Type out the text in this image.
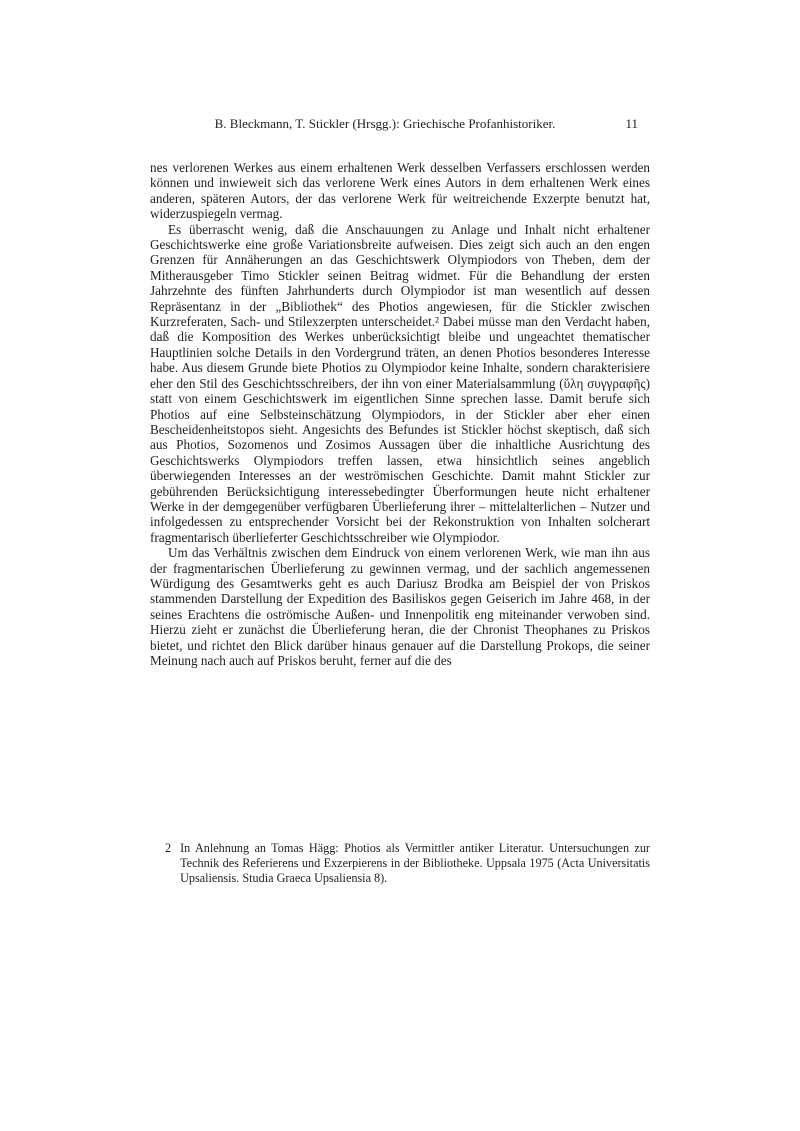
B. Bleckmann, T. Stickler (Hrsgg.): Griechische Profanhistoriker.	11

nes verlorenen Werkes aus einem erhaltenen Werk desselben Verfassers erschlossen werden können und inwieweit sich das verlorene Werk eines Autors in dem erhaltenen Werk eines anderen, späteren Autors, der das verlorene Werk für weitreichende Exzerpte benutzt hat, widerzuspiegeln vermag.

Es überrascht wenig, daß die Anschauungen zu Anlage und Inhalt nicht erhaltener Geschichtswerke eine große Variationsbreite aufweisen. Dies zeigt sich auch an den engen Grenzen für Annäherungen an das Geschichtswerk Olympiodors von Theben, dem der Mitherausgeber Timo Stickler seinen Beitrag widmet. Für die Behandlung der ersten Jahrzehnte des fünften Jahrhunderts durch Olympiodor ist man wesentlich auf dessen Repräsentanz in der „Bibliothek“ des Photios angewiesen, für die Stickler zwischen Kurzreferaten, Sach- und Stilexzerpten unterscheidet.² Dabei müsse man den Verdacht haben, daß die Komposition des Werkes unberücksichtigt bleibe und ungeachtet thematischer Hauptlinien solche Details in den Vordergrund träten, an denen Photios besonderes Interesse habe. Aus diesem Grunde biete Photios zu Olympiodor keine Inhalte, sondern charakterisiere eher den Stil des Geschichtsschreibers, der ihn von einer Materialsammlung (ὕλη συγγραφῆς) statt von einem Geschichtswerk im eigentlichen Sinne sprechen lasse. Damit berufe sich Photios auf eine Selbsteinschätzung Olympiodors, in der Stickler aber eher einen Bescheidenheitstopos sieht. Angesichts des Befundes ist Stickler höchst skeptisch, daß sich aus Photios, Sozomenos und Zosimos Aussagen über die inhaltliche Ausrichtung des Geschichtswerks Olympiodors treffen lassen, etwa hinsichtlich seines angeblich überwiegenden Interesses an der weströmischen Geschichte. Damit mahnt Stickler zur gebührenden Berücksichtigung interessebedingter Überformungen heute nicht erhaltener Werke in der demgegenüber verfügbaren Überlieferung ihrer – mittelalterlichen – Nutzer und infolgedessen zu entsprechender Vorsicht bei der Rekonstruktion von Inhalten solcherart fragmentarisch überlieferter Geschichtsschreiber wie Olympiodor.

Um das Verhältnis zwischen dem Eindruck von einem verlorenen Werk, wie man ihn aus der fragmentarischen Überlieferung zu gewinnen vermag, und der sachlich angemessenen Würdigung des Gesamtwerks geht es auch Dariusz Brodka am Beispiel der von Priskos stammenden Darstellung der Expedition des Basiliskos gegen Geiserich im Jahre 468, in der seines Erachtens die oströmische Außen- und Innenpolitik eng miteinander verwoben sind. Hierzu zieht er zunächst die Überlieferung heran, die der Chronist Theophanes zu Priskos bietet, und richtet den Blick darüber hinaus genauer auf die Darstellung Prokops, die seiner Meinung nach auch auf Priskos beruht, ferner auf die des

2 In Anlehnung an Tomas Hägg: Photios als Vermittler antiker Literatur. Untersuchungen zur Technik des Referierens und Exzerpierens in der Bibliotheke. Uppsala 1975 (Acta Universitatis Upsaliensis. Studia Graeca Upsaliensia 8).
